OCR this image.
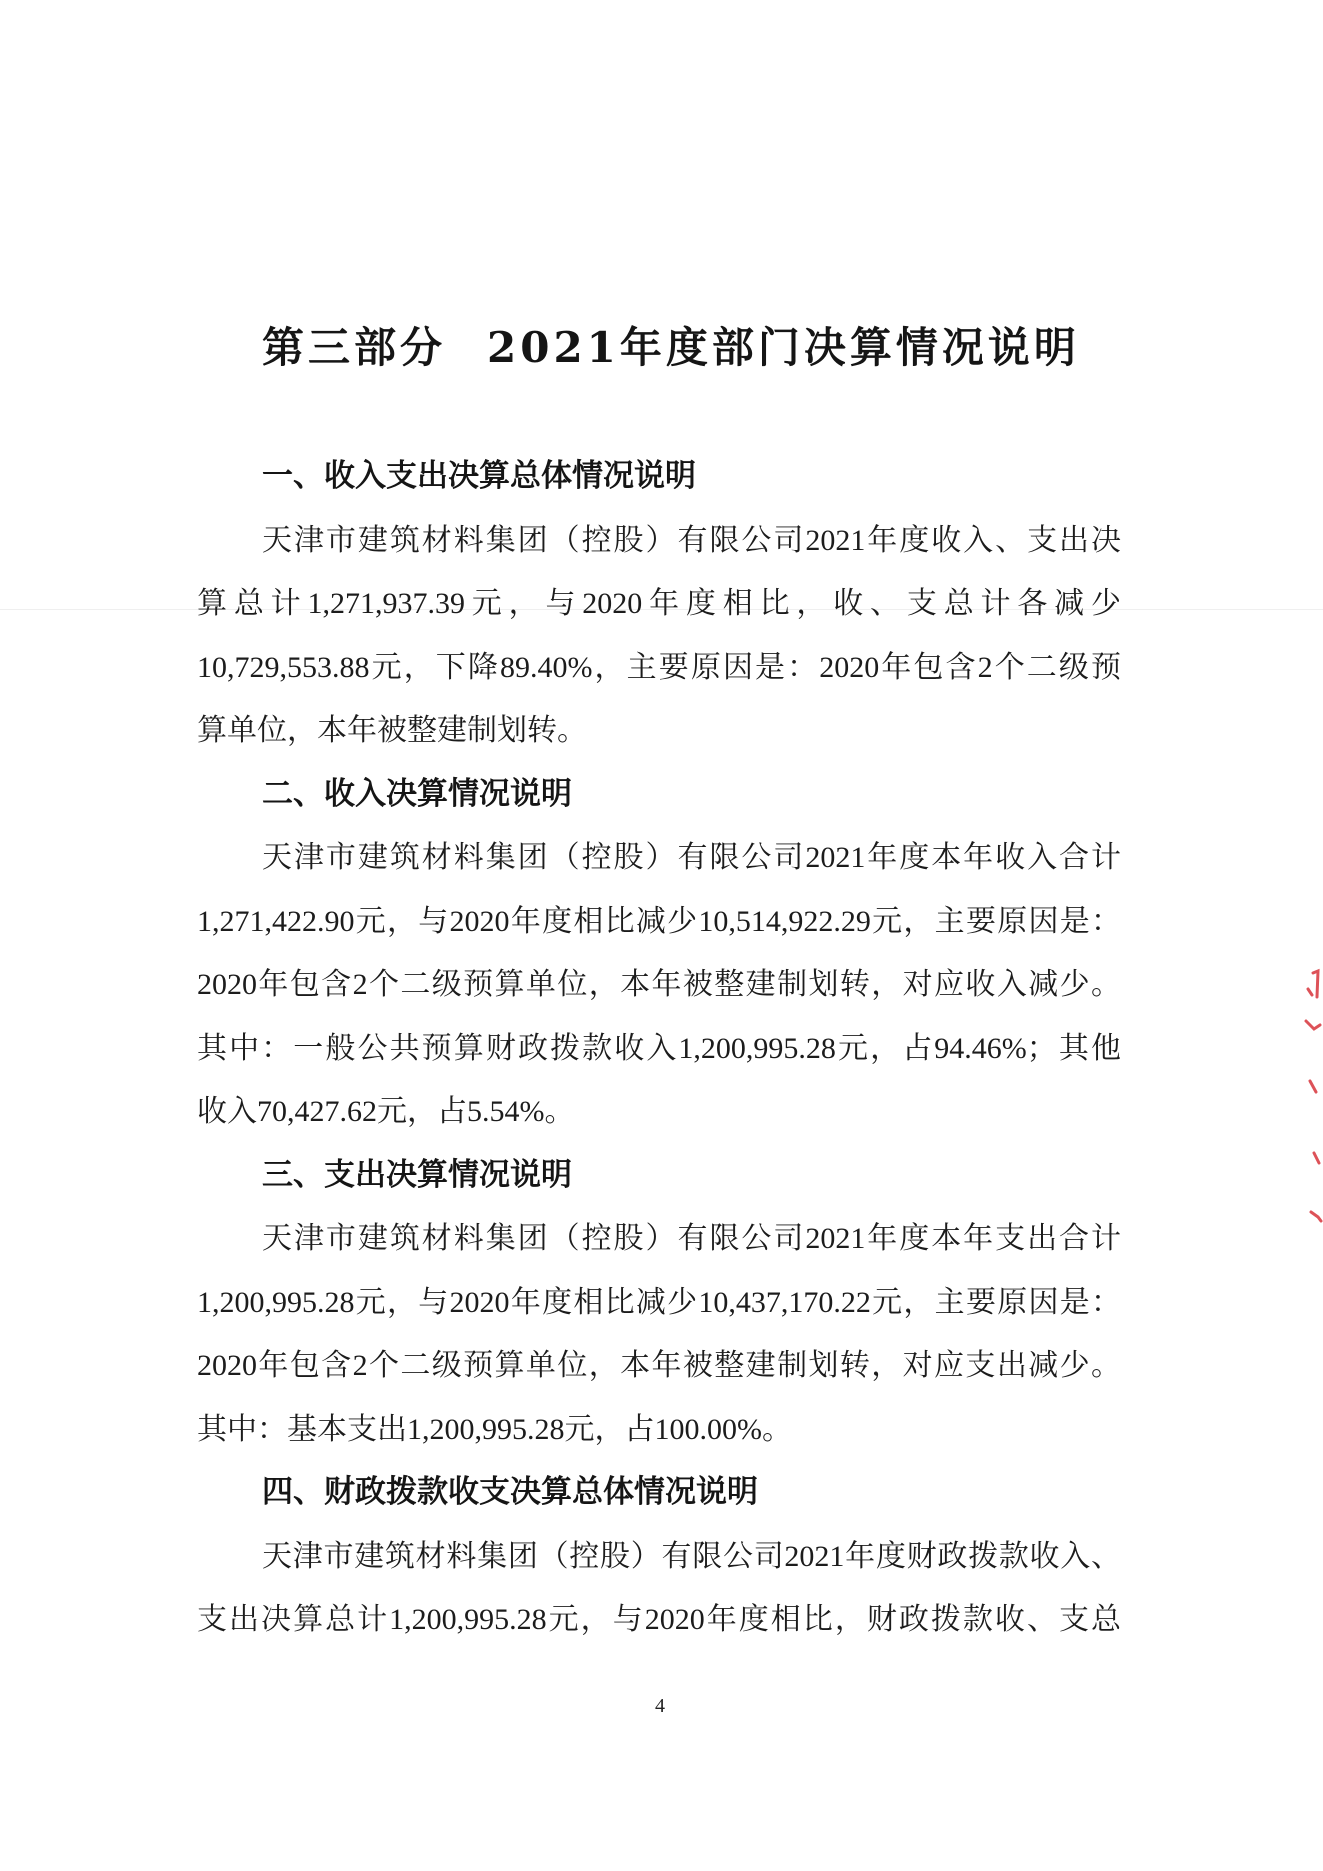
第三部分 2021年度部门决算情况说明
一、收入支出决算总体情况说明
天津市建筑材料集团（控股）有限公司2021年度收入、支出决
算总计1,271,937.39元，与2020年度相比，收、支总计各减少
10,729,553.88元，下降89.40%，主要原因是：2020年包含2个二级预
算单位，本年被整建制划转。
二、收入决算情况说明
天津市建筑材料集团（控股）有限公司2021年度本年收入合计
1,271,422.90元，与2020年度相比减少10,514,922.29元，主要原因是：
2020年包含2个二级预算单位，本年被整建制划转，对应收入减少。
其中：一般公共预算财政拨款收入1,200,995.28元，占94.46%；其他
收入70,427.62元，占5.54%。
三、支出决算情况说明
天津市建筑材料集团（控股）有限公司2021年度本年支出合计
1,200,995.28元，与2020年度相比减少10,437,170.22元，主要原因是：
2020年包含2个二级预算单位，本年被整建制划转，对应支出减少。
其中：基本支出1,200,995.28元，占100.00%。
四、财政拨款收支决算总体情况说明
天津市建筑材料集团（控股）有限公司2021年度财政拨款收入、
支出决算总计1,200,995.28元，与2020年度相比，财政拨款收、支总
4
